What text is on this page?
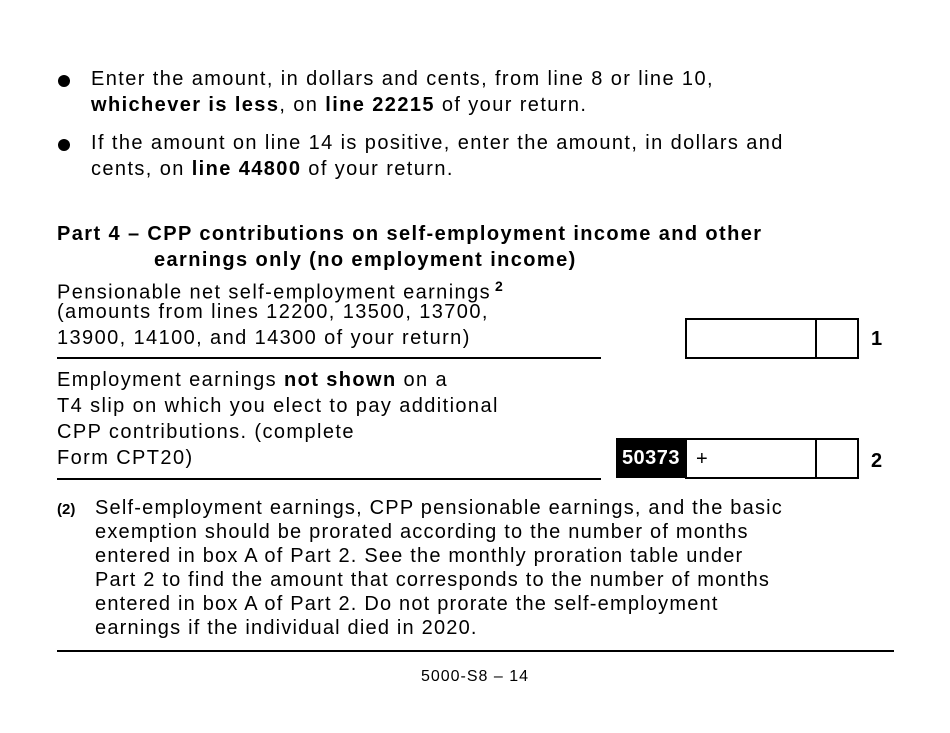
Enter the amount, in dollars and cents, from line 8 or line 10,
whichever is less, on line 22215 of your return.
If the amount on line 14 is positive, enter the amount, in dollars and
cents, on line 44800 of your return.
Part 4 – CPP contributions on self-employment income and other
earnings only (no employment income)
Pensionable net self-employment earnings $^2$
(amounts from lines 12200, 13500, 13700,
13900, 14100, and 14300 of your return)	1
Employment earnings not shown on a
T4 slip on which you elect to pay additional
CPP contributions. (complete
Form CPT20)	50373 +	2
(2) Self-employment earnings, CPP pensionable earnings, and the basic
exemption should be prorated according to the number of months
entered in box A of Part 2. See the monthly proration table under
Part 2 to find the amount that corresponds to the number of months
entered in box A of Part 2. Do not prorate the self-employment
earnings if the individual died in 2020.
5000-S8 – 14
